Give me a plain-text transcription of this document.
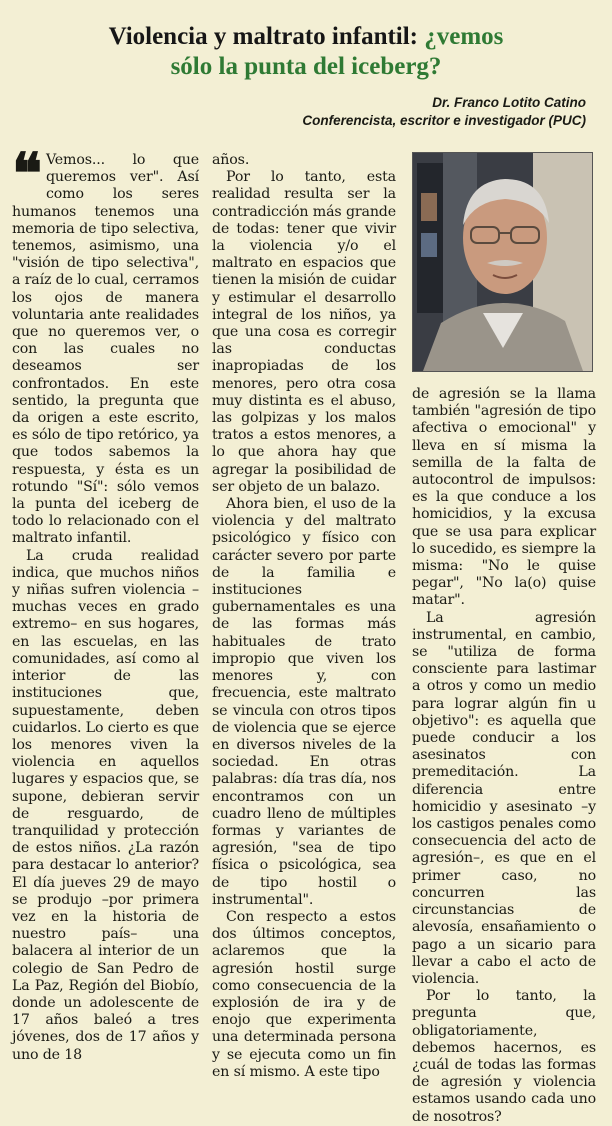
Violencia y maltrato infantil: ¿vemos
sólo la punta del iceberg?
Dr. Franco Lotito Catino
Conferencista, escritor e investigador (PUC)

❝ Vemos... lo que queremos ver". Así como los seres humanos tenemos una memoria de tipo selectiva, tenemos, asimismo, una "visión de tipo selectiva", a raíz de lo cual, cerramos los ojos de manera voluntaria ante realidades que no queremos ver, o con las cuales no deseamos ser confrontados. En este sentido, la pregunta que da origen a este escrito, es sólo de tipo retórico, ya que todos sabemos la respuesta, y ésta es un rotundo "Sí": sólo vemos la punta del iceberg de todo lo relacionado con el maltrato infantil.

La cruda realidad indica, que muchos niños y niñas sufren violencia –muchas veces en grado extremo– en sus hogares, en las escuelas, en las comunidades, así como al interior de las instituciones que, supuestamente, deben cuidarlos. Lo cierto es que los menores viven la violencia en aquellos lugares y espacios que, se supone, debieran servir de resguardo, de tranquilidad y protección de estos niños. ¿La razón para destacar lo anterior? El día jueves 29 de mayo se produjo –por primera vez en la historia de nuestro país– una balacera al interior de un colegio de San Pedro de La Paz, Región del Biobío, donde un adolescente de 17 años baleó a tres jóvenes, dos de 17 años y uno de 18

años.

Por lo tanto, esta realidad resulta ser la contradicción más grande de todas: tener que vivir la violencia y/o el maltrato en espacios que tienen la misión de cuidar y estimular el desarrollo integral de los niños, ya que una cosa es corregir las conductas inapropiadas de los menores, pero otra cosa muy distinta es el abuso, las golpizas y los malos tratos a estos menores, a lo que ahora hay que agregar la posibilidad de ser objeto de un balazo.

Ahora bien, el uso de la violencia y del maltrato psicológico y físico con carácter severo por parte de la familia e instituciones gubernamentales es una de las formas más habituales de trato impropio que viven los menores y, con frecuencia, este maltrato se vincula con otros tipos de violencia que se ejerce en diversos niveles de la sociedad. En otras palabras: día tras día, nos encontramos con un cuadro lleno de múltiples formas y variantes de agresión, "sea de tipo física o psicológica, sea de tipo hostil o instrumental".

Con respecto a estos dos últimos conceptos, aclaremos que la agresión hostil surge como consecuencia de la explosión de ira y de enojo que experimenta una determinada persona y se ejecuta como un fin en sí mismo. A este tipo

de agresión se la llama también "agresión de tipo afectiva o emocional" y lleva en sí misma la semilla de la falta de autocontrol de impulsos: es la que conduce a los homicidios, y la excusa que se usa para explicar lo sucedido, es siempre la misma: "No le quise pegar", "No la(o) quise matar".

La agresión instrumental, en cambio, se "utiliza de forma consciente para lastimar a otros y como un medio para lograr algún fin u objetivo": es aquella que puede conducir a los asesinatos con premeditación. La diferencia entre homicidio y asesinato –y los castigos penales como consecuencia del acto de agresión–, es que en el primer caso, no concurren las circunstancias de alevosía, ensañamiento o pago a un sicario para llevar a cabo el acto de violencia.

Por lo tanto, la pregunta que, obligatoriamente, debemos hacernos, es ¿cuál de todas las formas de agresión y violencia estamos usando cada uno de nosotros?
